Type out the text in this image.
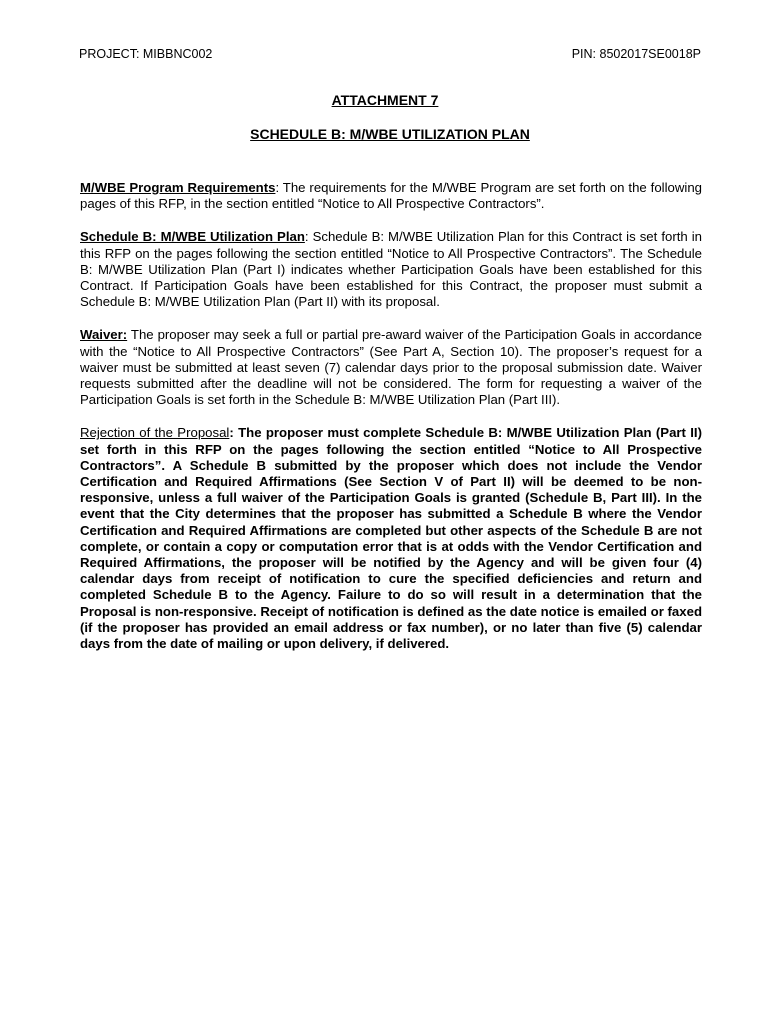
PROJECT: MIBBNC002	PIN: 8502017SE0018P
ATTACHMENT 7
SCHEDULE B: M/WBE UTILIZATION PLAN

M/WBE Program Requirements: The requirements for the M/WBE Program are set forth on the following pages of this RFP, in the section entitled “Notice to All Prospective Contractors”.

Schedule B: M/WBE Utilization Plan: Schedule B: M/WBE Utilization Plan for this Contract is set forth in this RFP on the pages following the section entitled “Notice to All Prospective Contractors”. The Schedule B: M/WBE Utilization Plan (Part I) indicates whether Participation Goals have been established for this Contract. If Participation Goals have been established for this Contract, the proposer must submit a Schedule B: M/WBE Utilization Plan (Part II) with its proposal.

Waiver: The proposer may seek a full or partial pre-award waiver of the Participation Goals in accordance with the “Notice to All Prospective Contractors” (See Part A, Section 10). The proposer’s request for a waiver must be submitted at least seven (7) calendar days prior to the proposal submission date. Waiver requests submitted after the deadline will not be considered. The form for requesting a waiver of the Participation Goals is set forth in the Schedule B: M/WBE Utilization Plan (Part III).

Rejection of the Proposal: The proposer must complete Schedule B: M/WBE Utilization Plan (Part II) set forth in this RFP on the pages following the section entitled “Notice to All Prospective Contractors”. A Schedule B submitted by the proposer which does not include the Vendor Certification and Required Affirmations (See Section V of Part II) will be deemed to be non-responsive, unless a full waiver of the Participation Goals is granted (Schedule B, Part III). In the event that the City determines that the proposer has submitted a Schedule B where the Vendor Certification and Required Affirmations are completed but other aspects of the Schedule B are not complete, or contain a copy or computation error that is at odds with the Vendor Certification and Required Affirmations, the proposer will be notified by the Agency and will be given four (4) calendar days from receipt of notification to cure the specified deficiencies and return and completed Schedule B to the Agency. Failure to do so will result in a determination that the Proposal is non-responsive. Receipt of notification is defined as the date notice is emailed or faxed (if the proposer has provided an email address or fax number), or no later than five (5) calendar days from the date of mailing or upon delivery, if delivered.
